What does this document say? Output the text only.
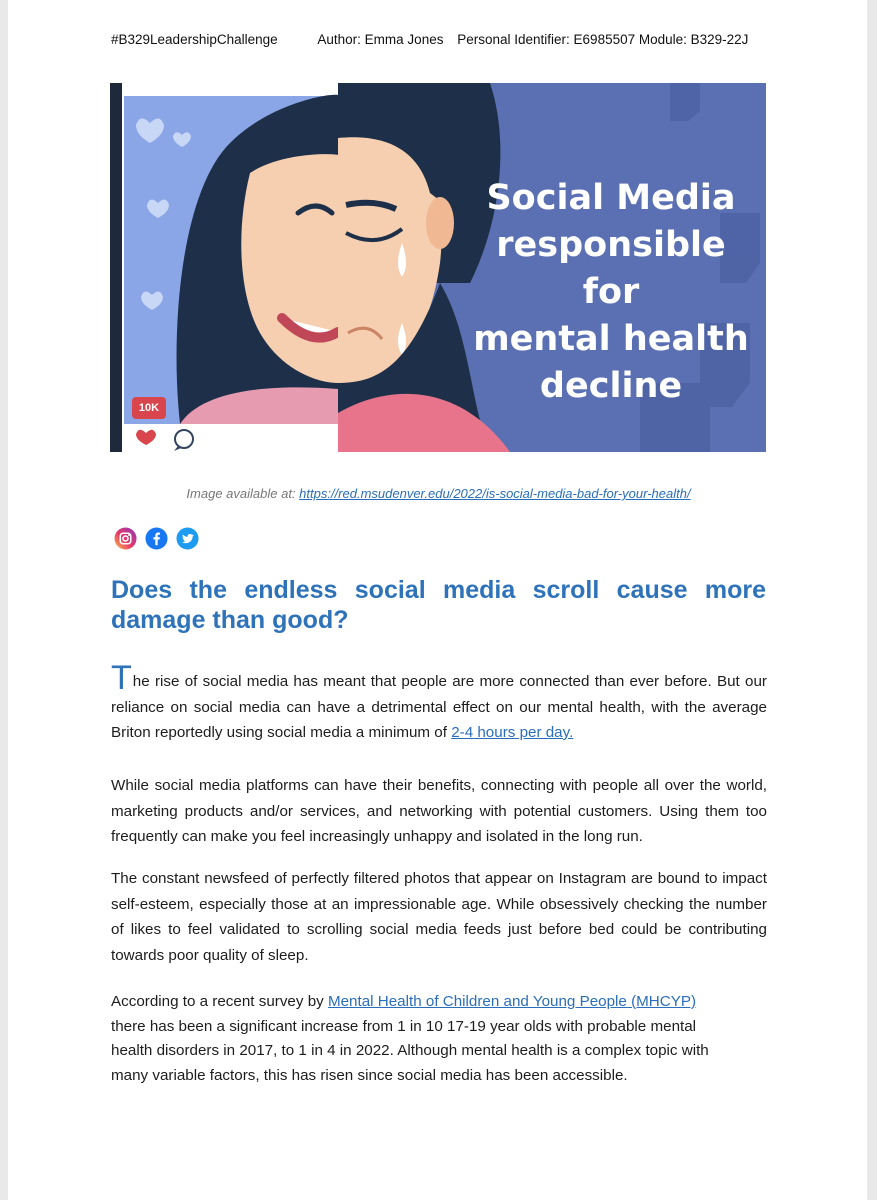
#B329LeadershipChallenge	Author: Emma Jones Personal Identifier: E6985507 Module: B329-22J
10K
Social Media
responsible for
mental health
decline
Image available at: https://red.msudenver.edu/2022/is-social-media-bad-for-your-health/
Does the endless social media scroll cause more damage than good?
The rise of social media has meant that people are more connected than ever before. But our reliance on social media can have a detrimental effect on our mental health, with the average Briton reportedly using social media a minimum of 2-4 hours per day.
While social media platforms can have their benefits, connecting with people all over the world, marketing products and/or services, and networking with potential customers. Using them too frequently can make you feel increasingly unhappy and isolated in the long run.
The constant newsfeed of perfectly filtered photos that appear on Instagram are bound to impact self-esteem, especially those at an impressionable age. While obsessively checking the number of likes to feel validated to scrolling social media feeds just before bed could be contributing towards poor quality of sleep.
According to a recent survey by Mental Health of Children and Young People (MHCYP)
there has been a significant increase from 1 in 10 17-19 year olds with probable mental
health disorders in 2017, to 1 in 4 in 2022. Although mental health is a complex topic with
many variable factors, this has risen since social media has been accessible.
